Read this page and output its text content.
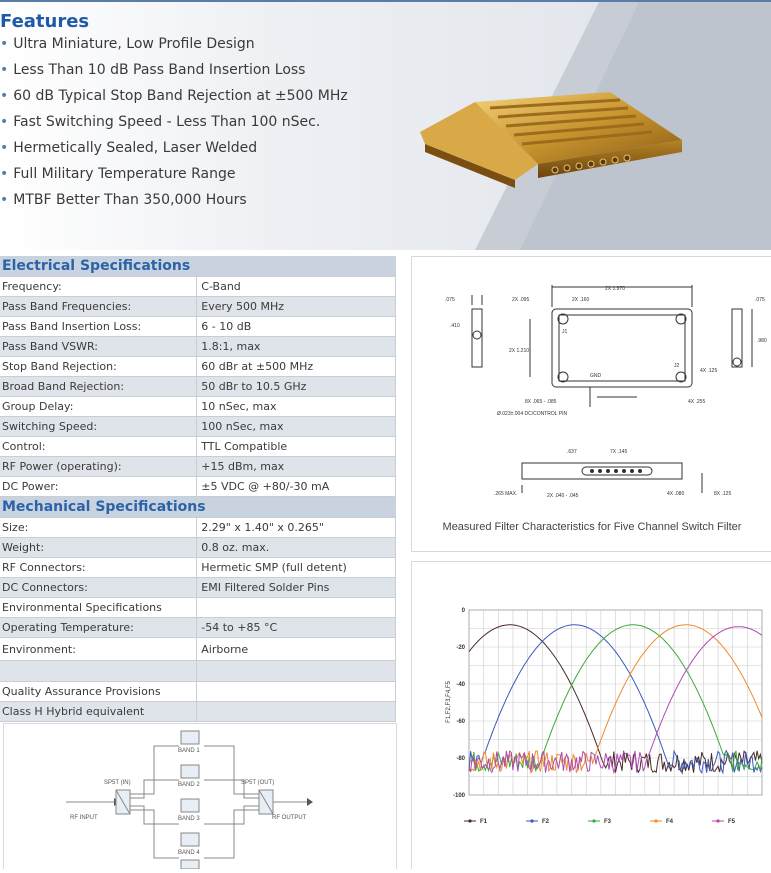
Features
• Ultra Miniature, Low Profile Design
• Less Than 10 dB Pass Band Insertion Loss
• 60 dB Typical Stop Band Rejection at ±500 MHz
• Fast Switching Speed - Less Than 100 nSec.
• Hermetically Sealed, Laser Welded
• Full Military Temperature Range
• MTBF Better Than 350,000 Hours
Electrical Specifications	
Frequency:	C-Band
Pass Band Frequencies:	Every 500 MHz
Pass Band Insertion Loss:	6 - 10 dB
Pass Band VSWR:	1.8:1, max
Stop Band Rejection:	60 dBr at ±500 MHz
Broad Band Rejection:	50 dBr to 10.5 GHz
Group Delay:	10 nSec, max
Switching Speed:	100 nSec, max
Control:	TTL Compatible
RF Power (operating):	+15 dBm, max
DC Power:	±5 VDC @ +80/-30 mA
Mechanical Specifications	
Size:	2.29" x 1.40" x 0.265"
Weight:	0.8 oz. max.
RF Connectors:	Hermetic SMP (full detent)
DC Connectors:	EMI Filtered Solder Pins
Environmental Specifications	
Operating Temperature:	-54 to +85 °C
Environment:	Airborne

Quality Assurance Provisions	
Class H Hybrid equivalent	
SP5T (IN)	SP5T (OUT)
RF INPUT	RF OUTPUT
BAND 1
BAND 2
BAND 3
BAND 4
.075	.075
.410
.980
2X .095	2X .160
2X 1.970
2X 1.210
4X .125
4X .255
8X .065 - .085
Ø.023±.004 DC/CONTROL PIN
.637	7X .145
.265 MAX.	2X .040 - .045	4X .080	8X .125
J1
J2
GND
Measured Filter Characteristics for Five Channel Switch Filter
0
-20
-40
-60
-80
-100
F1,F2,F3,F4,F5
F1	F2	F3	F4	F5
